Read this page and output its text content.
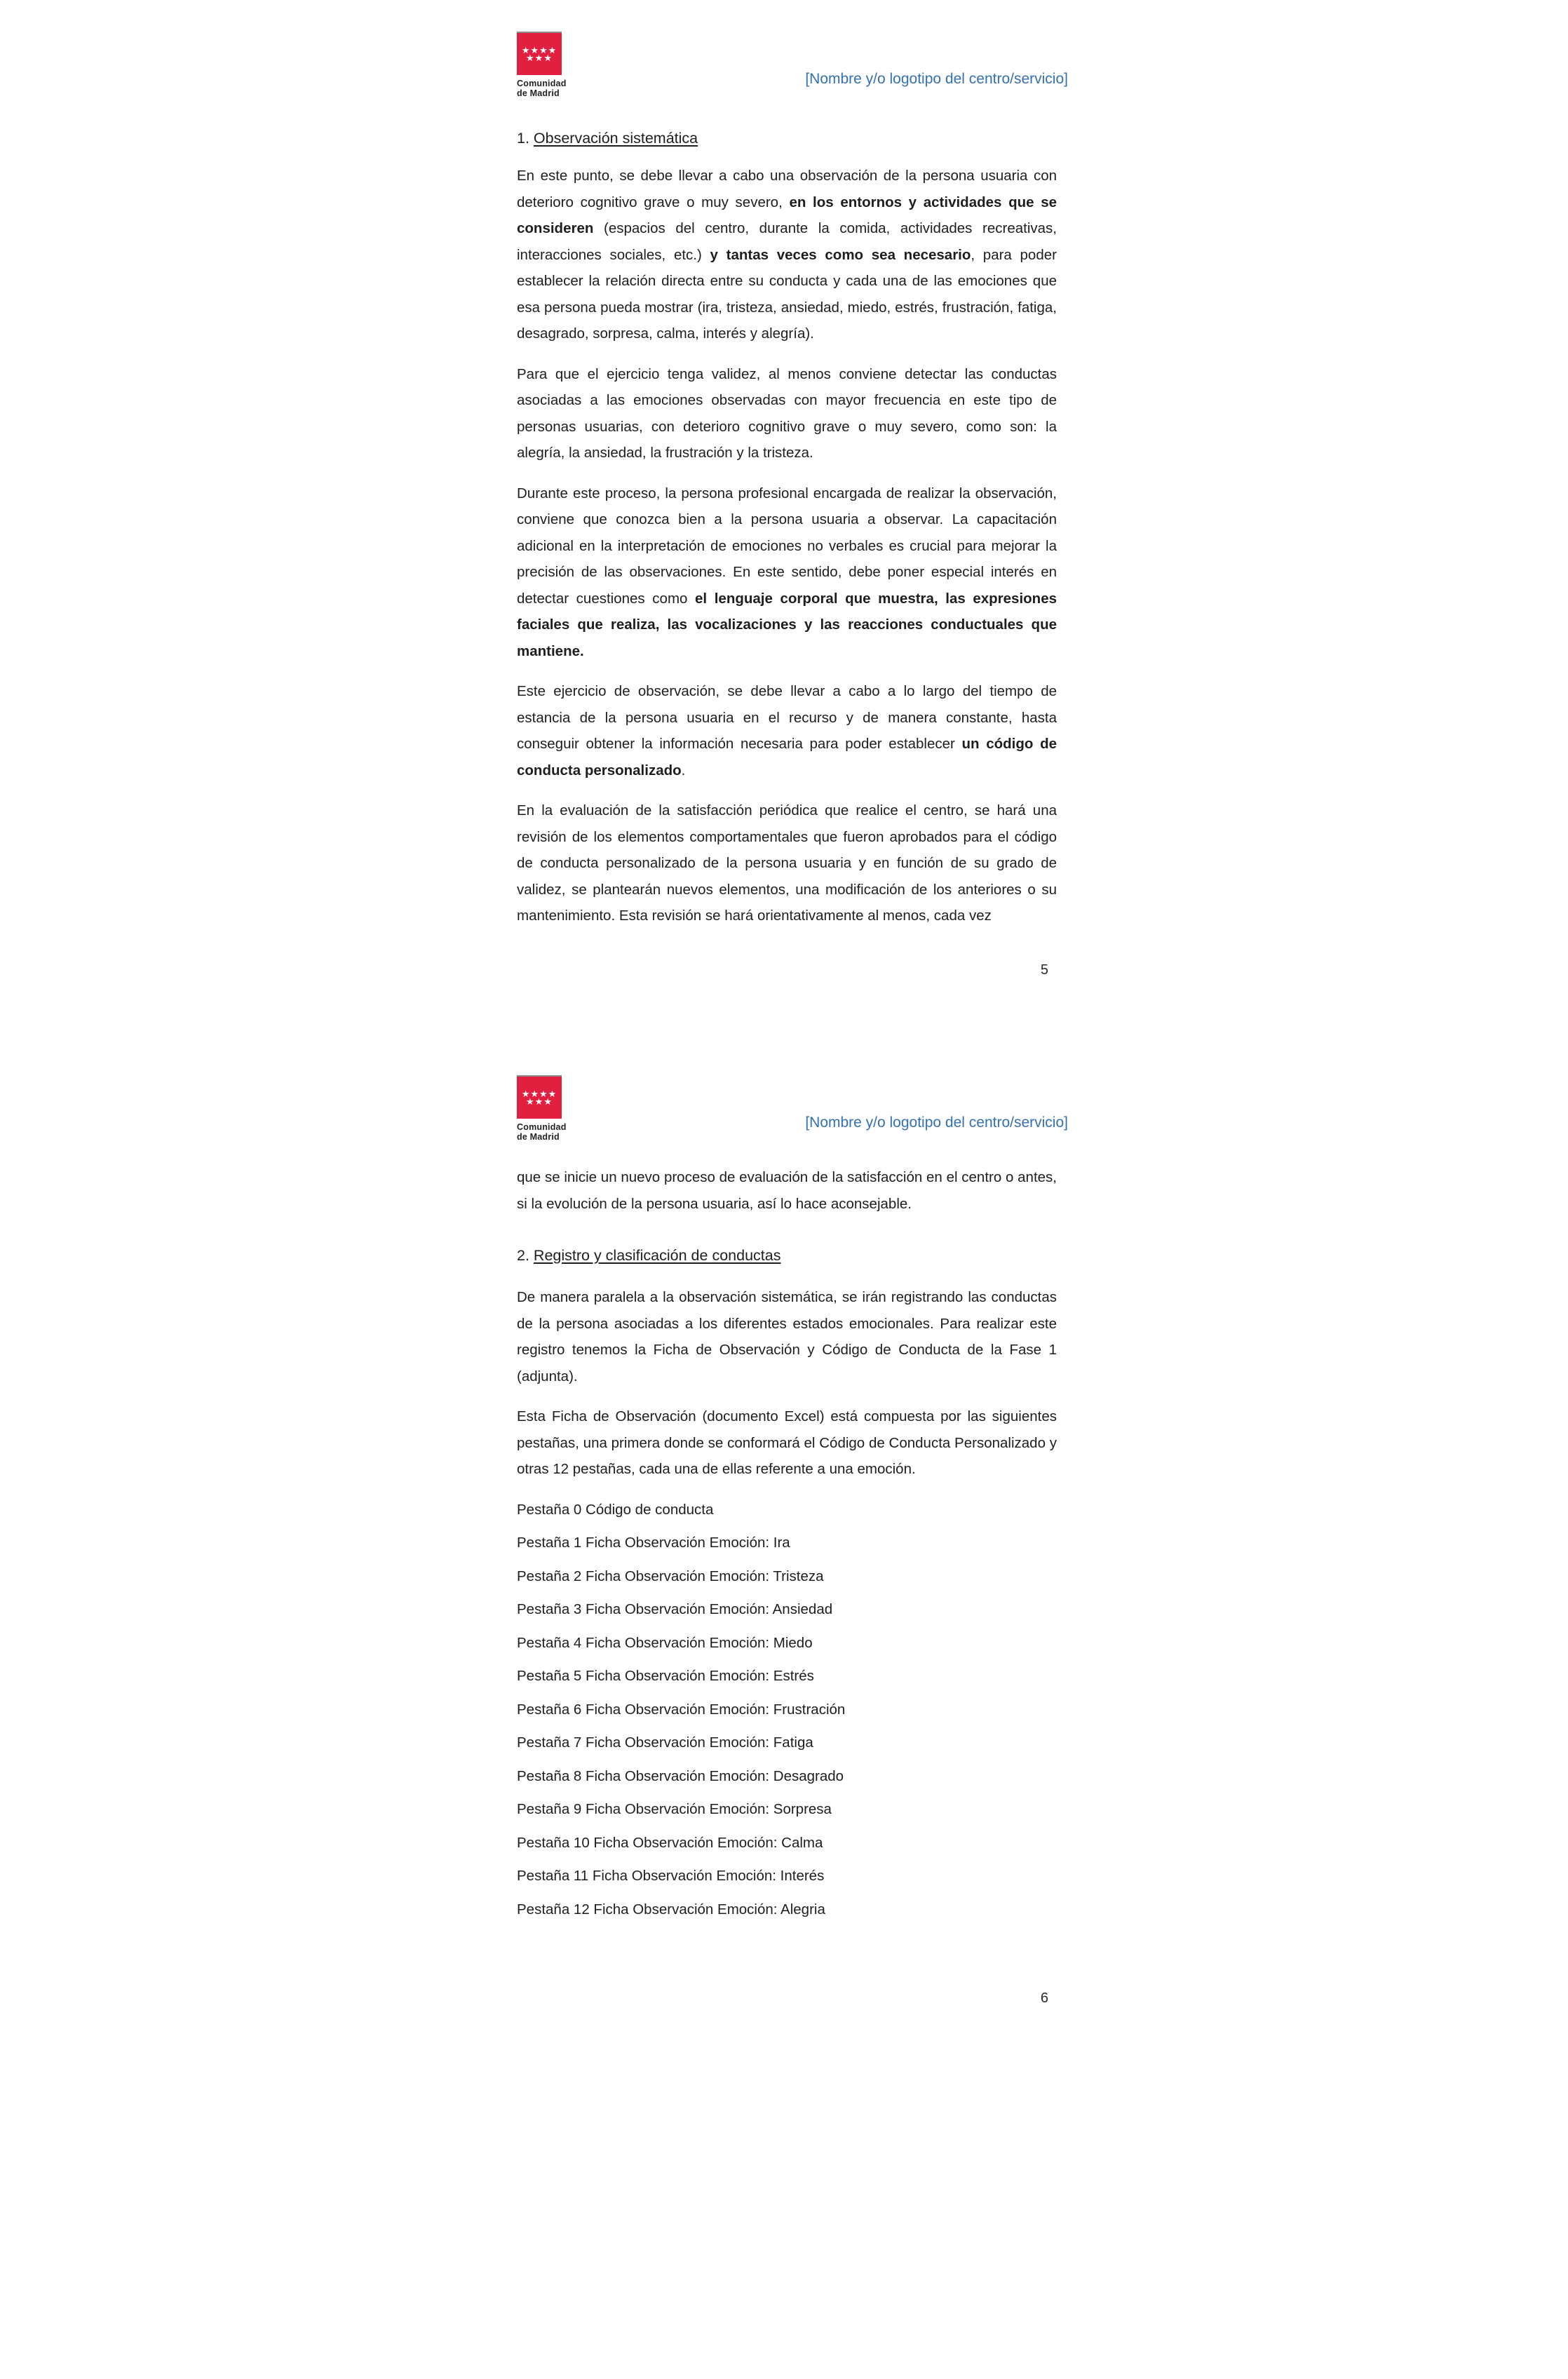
★★★★
★★★
Comunidad
de Madrid
[Nombre y/o logotipo del centro/servicio]
1. Observación sistemática

En este punto, se debe llevar a cabo una observación de la persona usuaria con deterioro cognitivo grave o muy severo, en los entornos y actividades que se consideren (espacios del centro, durante la comida, actividades recreativas, interacciones sociales, etc.) y tantas veces como sea necesario, para poder establecer la relación directa entre su conducta y cada una de las emociones que esa persona pueda mostrar (ira, tristeza, ansiedad, miedo, estrés, frustración, fatiga, desagrado, sorpresa, calma, interés y alegría).

Para que el ejercicio tenga validez, al menos conviene detectar las conductas asociadas a las emociones observadas con mayor frecuencia en este tipo de personas usuarias, con deterioro cognitivo grave o muy severo, como son: la alegría, la ansiedad, la frustración y la tristeza.

Durante este proceso, la persona profesional encargada de realizar la observación, conviene que conozca bien a la persona usuaria a observar. La capacitación adicional en la interpretación de emociones no verbales es crucial para mejorar la precisión de las observaciones. En este sentido, debe poner especial interés en detectar cuestiones como el lenguaje corporal que muestra, las expresiones faciales que realiza, las vocalizaciones y las reacciones conductuales que mantiene.

Este ejercicio de observación, se debe llevar a cabo a lo largo del tiempo de estancia de la persona usuaria en el recurso y de manera constante, hasta conseguir obtener la información necesaria para poder establecer un código de conducta personalizado.

En la evaluación de la satisfacción periódica que realice el centro, se hará una revisión de los elementos comportamentales que fueron aprobados para el código de conducta personalizado de la persona usuaria y en función de su grado de validez, se plantearán nuevos elementos, una modificación de los anteriores o su mantenimiento. Esta revisión se hará orientativamente al menos, cada vez

5

★★★★
★★★
Comunidad
de Madrid
[Nombre y/o logotipo del centro/servicio]

que se inicie un nuevo proceso de evaluación de la satisfacción en el centro o antes, si la evolución de la persona usuaria, así lo hace aconsejable.

2. Registro y clasificación de conductas

De manera paralela a la observación sistemática, se irán registrando las conductas de la persona asociadas a los diferentes estados emocionales. Para realizar este registro tenemos la Ficha de Observación y Código de Conducta de la Fase 1 (adjunta).

Esta Ficha de Observación (documento Excel) está compuesta por las siguientes pestañas, una primera donde se conformará el Código de Conducta Personalizado y otras 12 pestañas, cada una de ellas referente a una emoción.

Pestaña 0 Código de conducta

Pestaña 1 Ficha Observación Emoción: Ira

Pestaña 2 Ficha Observación Emoción: Tristeza

Pestaña 3 Ficha Observación Emoción: Ansiedad

Pestaña 4 Ficha Observación Emoción: Miedo

Pestaña 5 Ficha Observación Emoción: Estrés

Pestaña 6 Ficha Observación Emoción: Frustración

Pestaña 7 Ficha Observación Emoción: Fatiga

Pestaña 8 Ficha Observación Emoción: Desagrado

Pestaña 9 Ficha Observación Emoción: Sorpresa

Pestaña 10 Ficha Observación Emoción: Calma

Pestaña 11 Ficha Observación Emoción: Interés

Pestaña 12 Ficha Observación Emoción: Alegria

6
